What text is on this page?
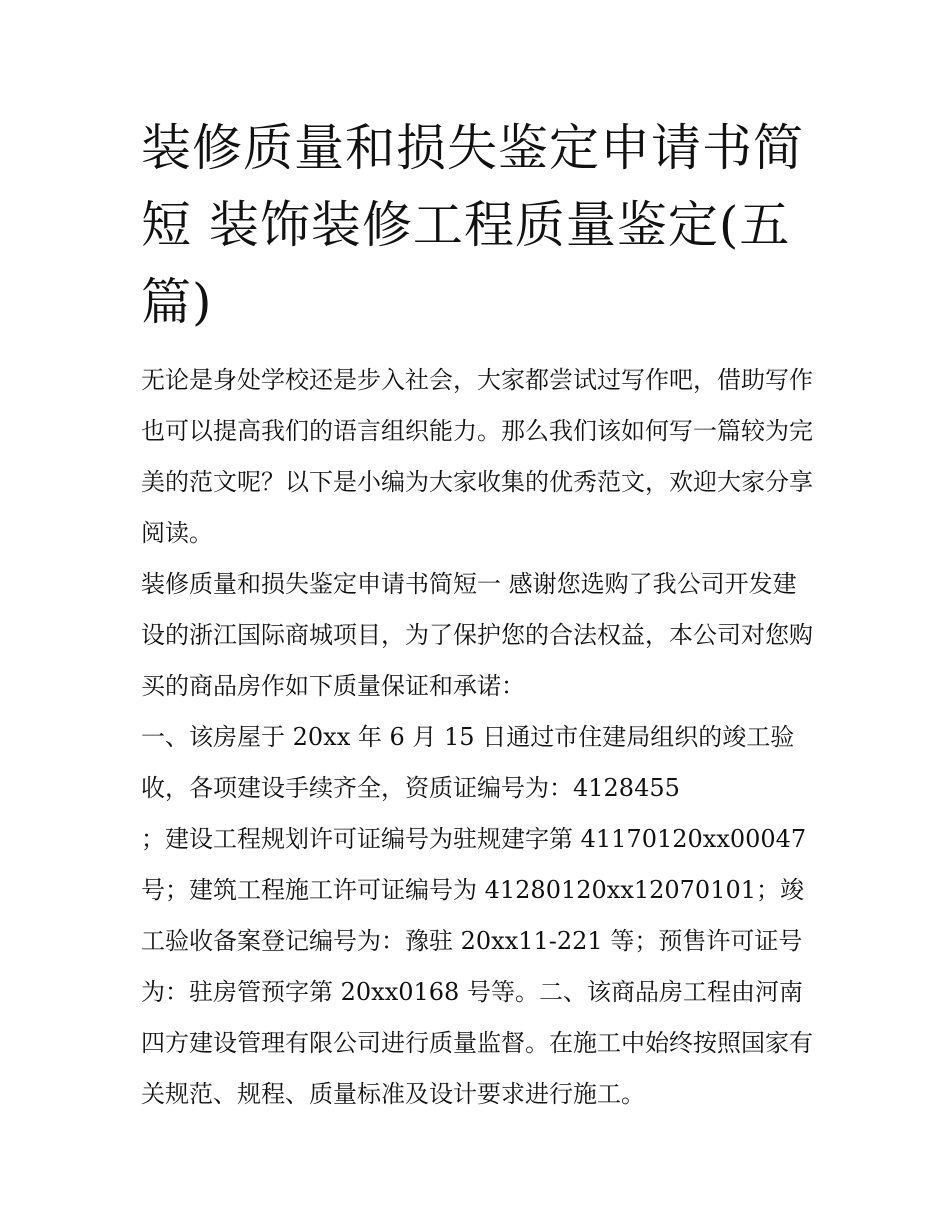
装修质量和损失鉴定申请书简短 装饰装修工程质量鉴定(五篇)

无论是身处学校还是步入社会，大家都尝试过写作吧，借助写作也可以提高我们的语言组织能力。那么我们该如何写一篇较为完美的范文呢？以下是小编为大家收集的优秀范文，欢迎大家分享阅读。

装修质量和损失鉴定申请书简短一 感谢您选购了我公司开发建设的浙江国际商城项目，为了保护您的合法权益，本公司对您购买的商品房作如下质量保证和承诺：

一、该房屋于 20xx 年 6 月 15 日通过市住建局组织的竣工验收，各项建设手续齐全，资质证编号为：4128455

；建设工程规划许可证编号为驻规建字第 41170120xx00047 号；建筑工程施工许可证编号为 41280120xx12070101；竣工验收备案登记编号为：豫驻 20xx11-221 等；预售许可证号为：驻房管预字第 20xx0168 号等。二、该商品房工程由河南四方建设管理有限公司进行质量监督。在施工中始终按照国家有关规范、规程、质量标准及设计要求进行施工。
